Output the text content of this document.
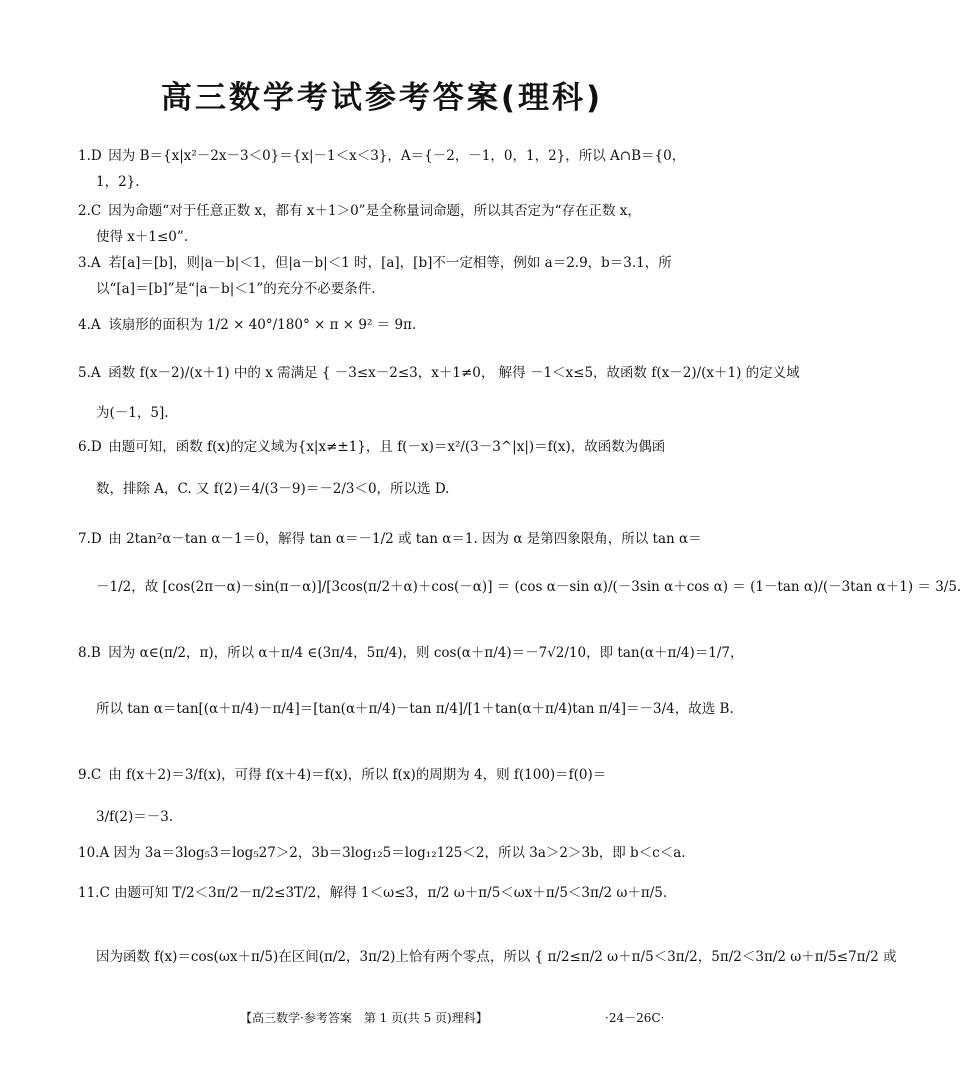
高三数学考试参考答案(理科)
1.D 因为 B＝{x|x²－2x－3＜0}＝{x|－1＜x＜3}，A＝{－2，－1，0，1，2}，所以 A∩B＝{0，
1，2}.
2.C 因为命题“对于任意正数 x，都有 x＋1＞0”是全称量词命题，所以其否定为“存在正数 x，
使得 x＋1≤0”.
3.A 若[a]＝[b]，则|a－b|＜1，但|a－b|＜1 时，[a]，[b]不一定相等，例如 a＝2.9，b＝3.1，所
以“[a]＝[b]”是“|a－b|＜1”的充分不必要条件.
4.A 该扇形的面积为 1/2 × 40°/180° × π × 9² ＝ 9π.
5.A 函数 f(x－2)/(x＋1) 中的 x 需满足 { －3≤x－2≤3，x＋1≠0， 解得 －1＜x≤5，故函数 f(x－2)/(x＋1) 的定义域
为(－1，5].
6.D 由题可知，函数 f(x)的定义域为{x|x≠±1}，且 f(－x)＝x²/(3－3^|x|)＝f(x)，故函数为偶函
数，排除 A，C. 又 f(2)＝4/(3－9)＝－2/3＜0，所以选 D.
7.D 由 2tan²α－tan α－1＝0，解得 tan α＝－1/2 或 tan α＝1. 因为 α 是第四象限角，所以 tan α＝
－1/2，故 [cos(2π－α)－sin(π－α)]/[3cos(π/2＋α)＋cos(－α)] ＝ (cos α－sin α)/(－3sin α＋cos α) ＝ (1－tan α)/(－3tan α＋1) ＝ 3/5.
8.B 因为 α∈(π/2，π)，所以 α＋π/4 ∈(3π/4，5π/4)，则 cos(α＋π/4)＝－7√2/10，即 tan(α＋π/4)＝1/7，
所以 tan α＝tan[(α＋π/4)－π/4]＝[tan(α＋π/4)－tan π/4]/[1＋tan(α＋π/4)tan π/4]＝－3/4，故选 B.
9.C 由 f(x＋2)＝3/f(x)，可得 f(x＋4)＝f(x)，所以 f(x)的周期为 4，则 f(100)＝f(0)＝
3/f(2)＝－3.
10.A 因为 3a＝3log₅3＝log₅27＞2，3b＝3log₁₂5＝log₁₂125＜2，所以 3a＞2＞3b，即 b＜c＜a.
11.C 由题可知 T/2＜3π/2－π/2≤3T/2，解得 1＜ω≤3，π/2 ω＋π/5＜ωx＋π/5＜3π/2 ω＋π/5.
因为函数 f(x)＝cos(ωx＋π/5)在区间(π/2，3π/2)上恰有两个零点，所以 { π/2≤π/2 ω＋π/5＜3π/2，5π/2＜3π/2 ω＋π/5≤7π/2 或
【高三数学·参考答案　第 1 页(共 5 页)理科】	·24－26C·
